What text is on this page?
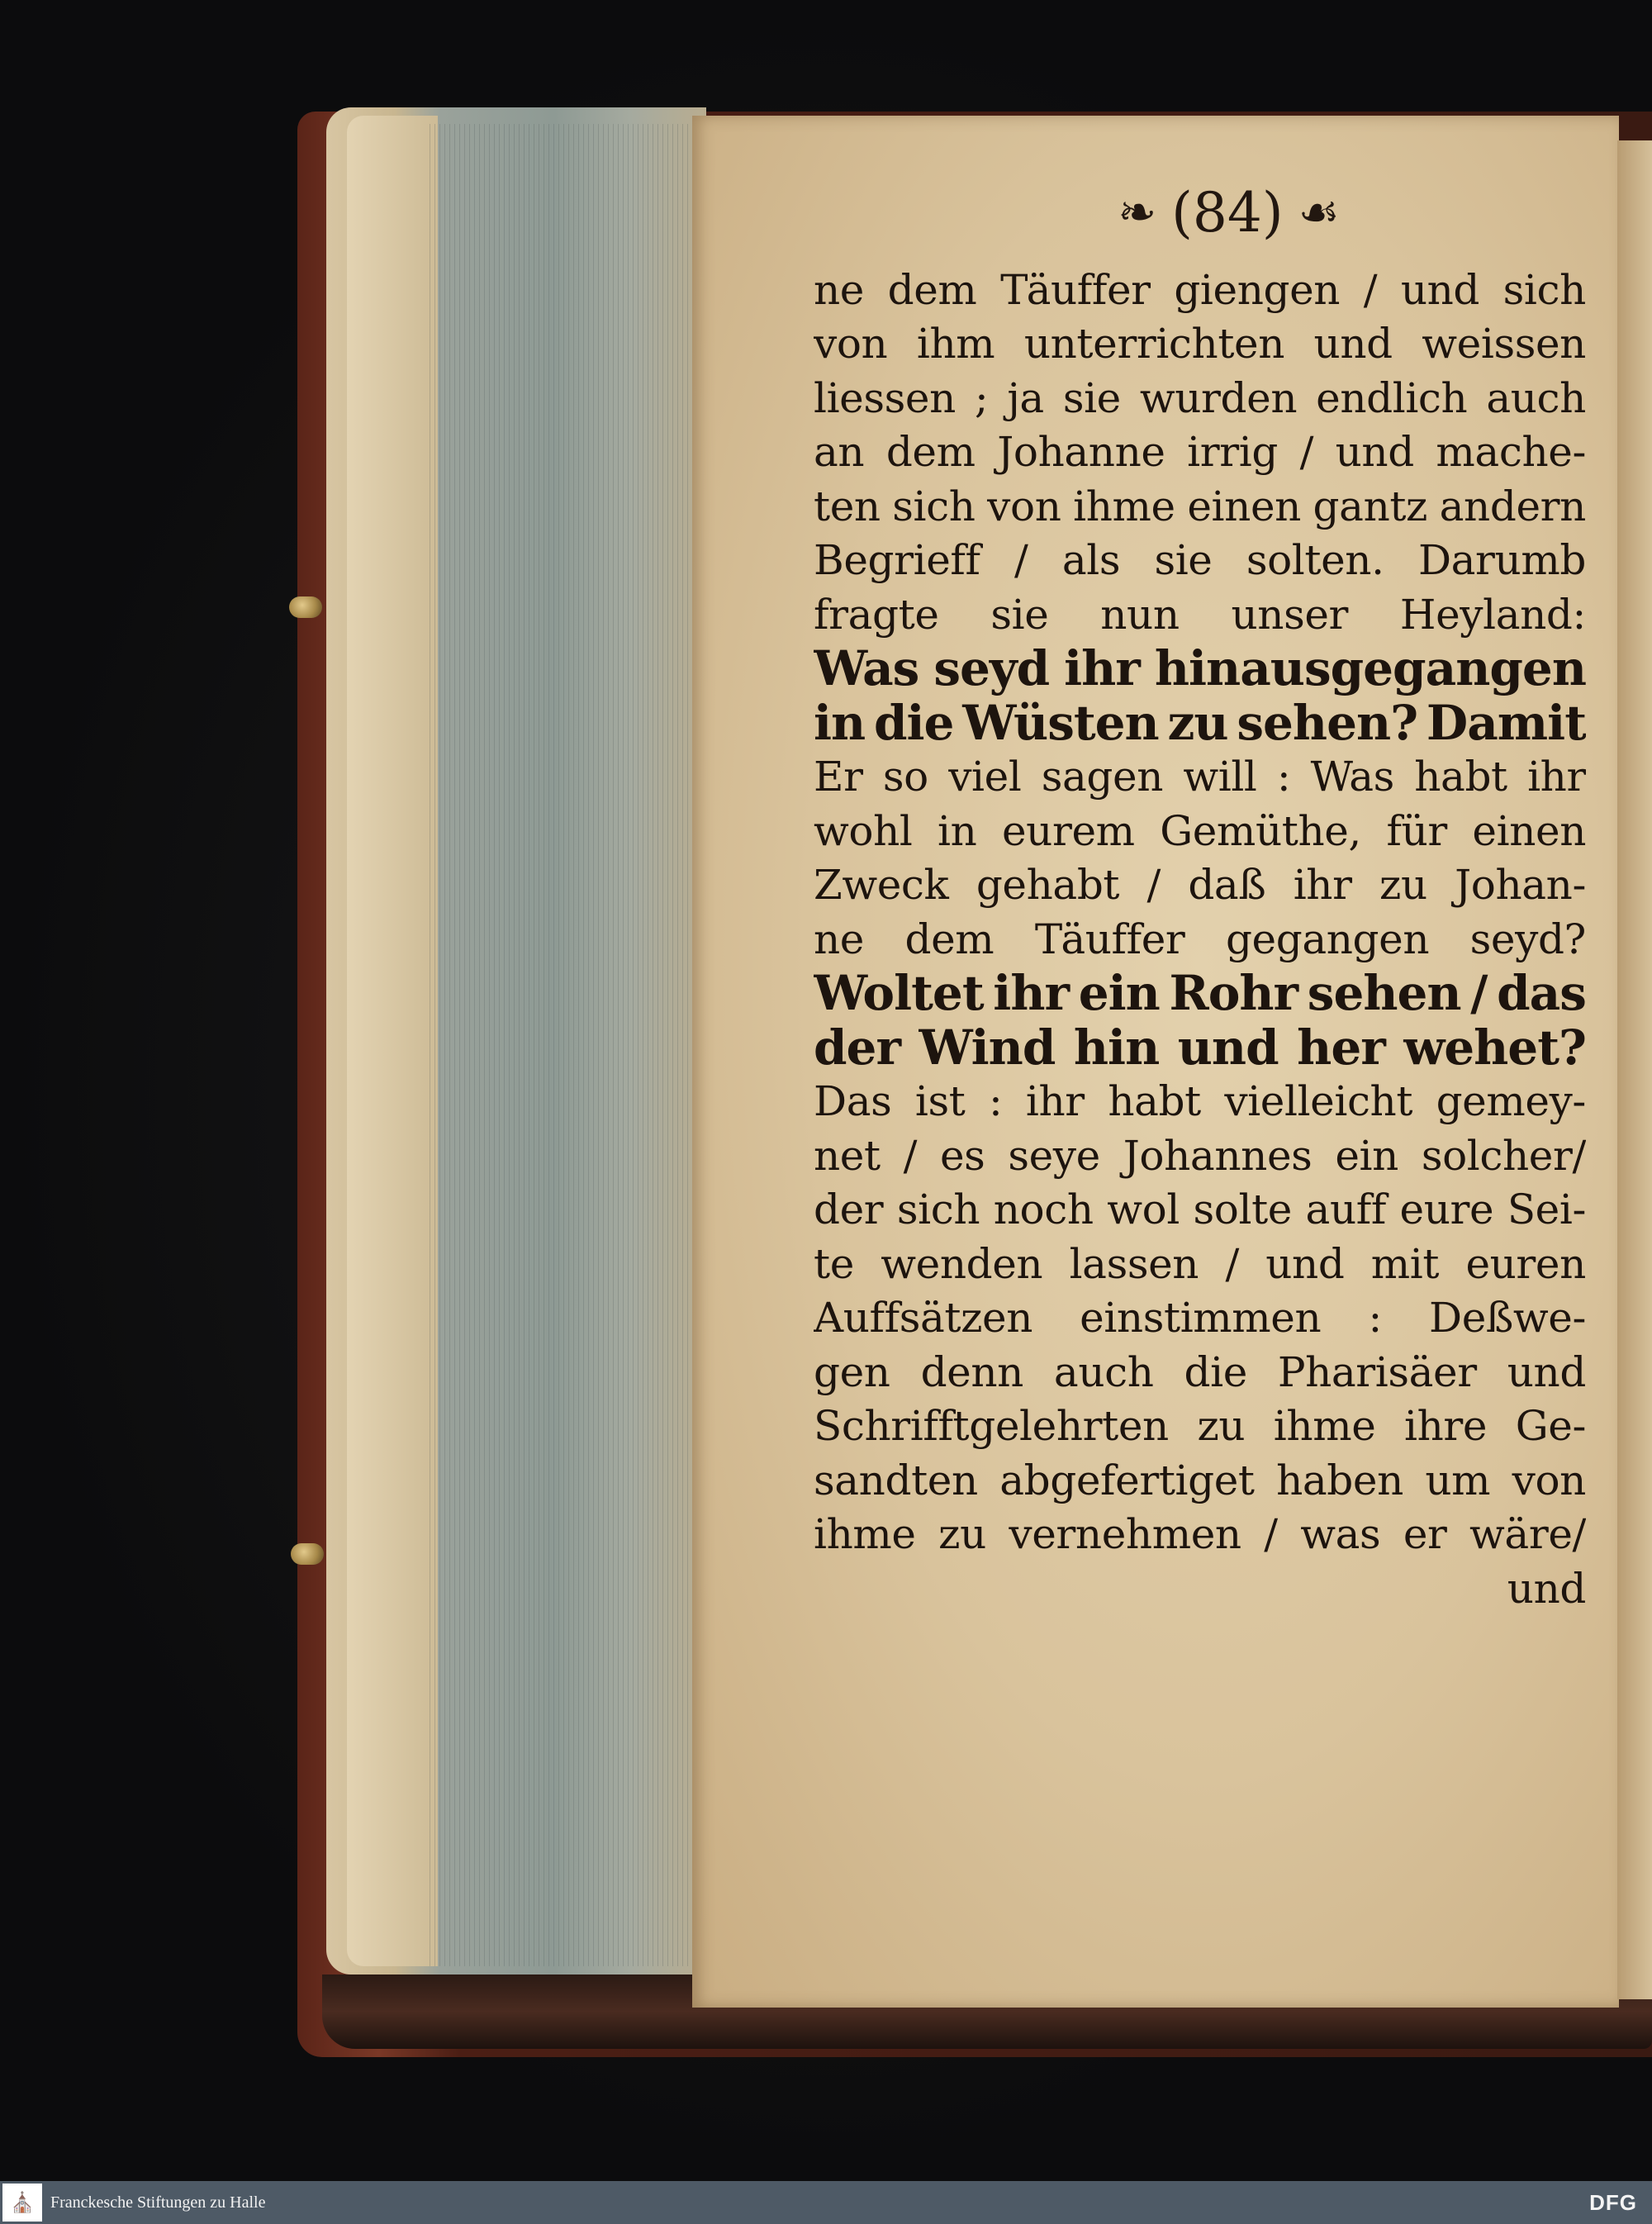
❧ (84) ☙
ne dem Täuffer giengen / und sich
von ihm unterrichten und weissen
liessen ; ja sie wurden endlich auch
an dem Johanne irrig / und mache-
ten sich von ihme einen gantz andern
Begrieff / als sie solten. Darumb
fragte sie nun unser Heyland:
Was seyd ihr hinausgegangen
in die Wüsten zu sehen? Damit
Er so viel sagen will : Was habt ihr
wohl in eurem Gemüthe, für einen
Zweck gehabt / daß ihr zu Johan-
ne dem Täuffer gegangen seyd?
Woltet ihr ein Rohr sehen / das
der Wind hin und her wehet?
Das ist : ihr habt vielleicht gemey-
net / es seye Johannes ein solcher/
der sich noch wol solte auff eure Sei-
te wenden lassen / und mit euren
Auffsätzen einstimmen : Deßwe-
gen denn auch die Pharisäer und
Schrifftgelehrten zu ihme ihre Ge-
sandten abgefertiget haben um von
ihme zu vernehmen / was er wäre/
und
⛪ Franckesche Stiftungen zu Halle	DFG
